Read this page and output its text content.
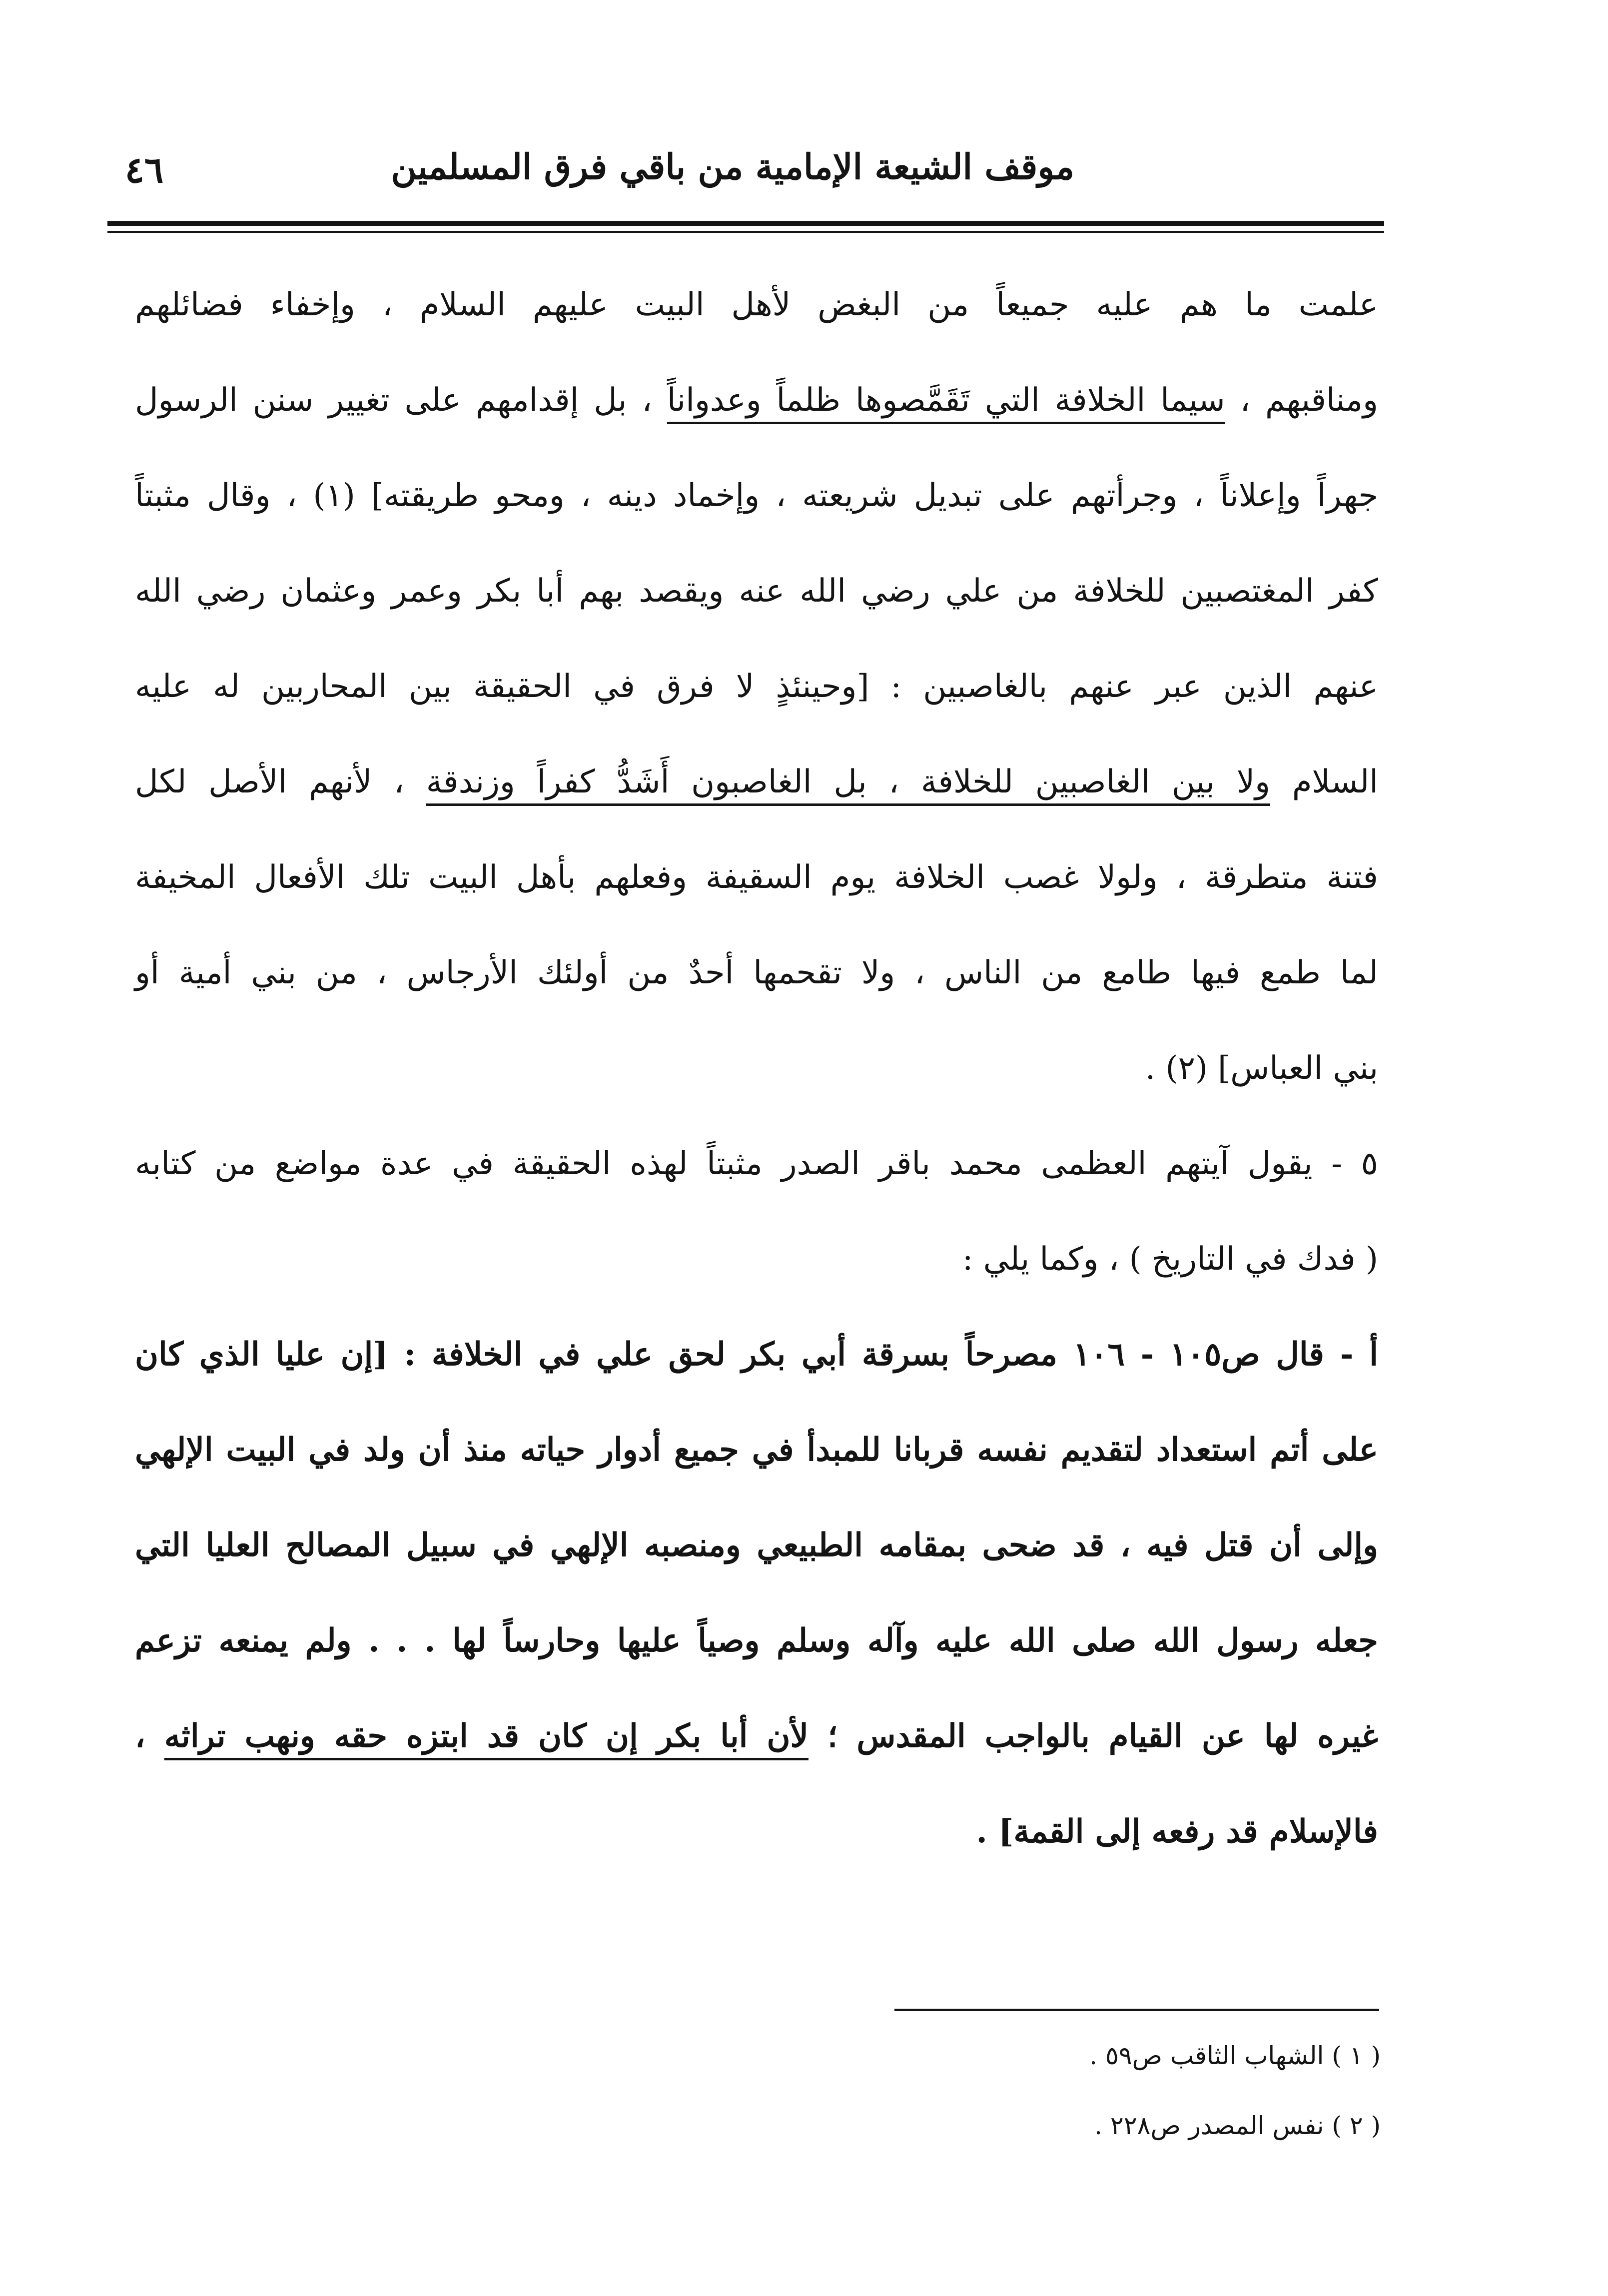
موقف الشيعة الإمامية من باقي فرق المسلمين
٤٦
علمت ما هم عليه جميعاً من البغض لأهل البيت عليهم السلام ، وإخفاء فضائلهم
ومناقبهم ، سيما الخلافة التي تَقَمَّصوها ظلماً وعدواناً ، بل إقدامهم على تغيير سنن الرسول
جهراً وإعلاناً ، وجرأتهم على تبديل شريعته ، وإخماد دينه ، ومحو طريقته] (١) ، وقال مثبتاً
كفر المغتصبين للخلافة من علي رضي الله عنه ويقصد بهم أبا بكر وعمر وعثمان رضي الله
عنهم الذين عبر عنهم بالغاصبين : [وحينئذٍ لا فرق في الحقيقة بين المحاربين له عليه
السلام ولا بين الغاصبين للخلافة ، بل الغاصبون أَشَدُّ كفراً وزندقة ، لأنهم الأصل لكل
فتنة متطرقة ، ولولا غصب الخلافة يوم السقيفة وفعلهم بأهل البيت تلك الأفعال المخيفة
لما طمع فيها طامع من الناس ، ولا تقحمها أحدٌ من أولئك الأرجاس ، من بني أمية أو
بني العباس] (٢) .
٥ - يقول آيتهم العظمى محمد باقر الصدر مثبتاً لهذه الحقيقة في عدة مواضع من كتابه
( فدك في التاريخ ) ، وكما يلي :
أ - قال ص١٠٥ - ١٠٦ مصرحاً بسرقة أبي بكر لحق علي في الخلافة : [إن عليا الذي كان
على أتم استعداد لتقديم نفسه قربانا للمبدأ في جميع أدوار حياته منذ أن ولد في البيت الإلهي
وإلى أن قتل فيه ، قد ضحى بمقامه الطبيعي ومنصبه الإلهي في سبيل المصالح العليا التي
جعله رسول الله صلى الله عليه وآله وسلم وصياً عليها وحارساً لها . . . ولم يمنعه تزعم
غيره لها عن القيام بالواجب المقدس ؛ لأن أبا بكر إن كان قد ابتزه حقه ونهب تراثه ،
فالإسلام قد رفعه إلى القمة] .
( ١ ) الشهاب الثاقب ص٥٩ .
( ٢ ) نفس المصدر ص٢٢٨ .
